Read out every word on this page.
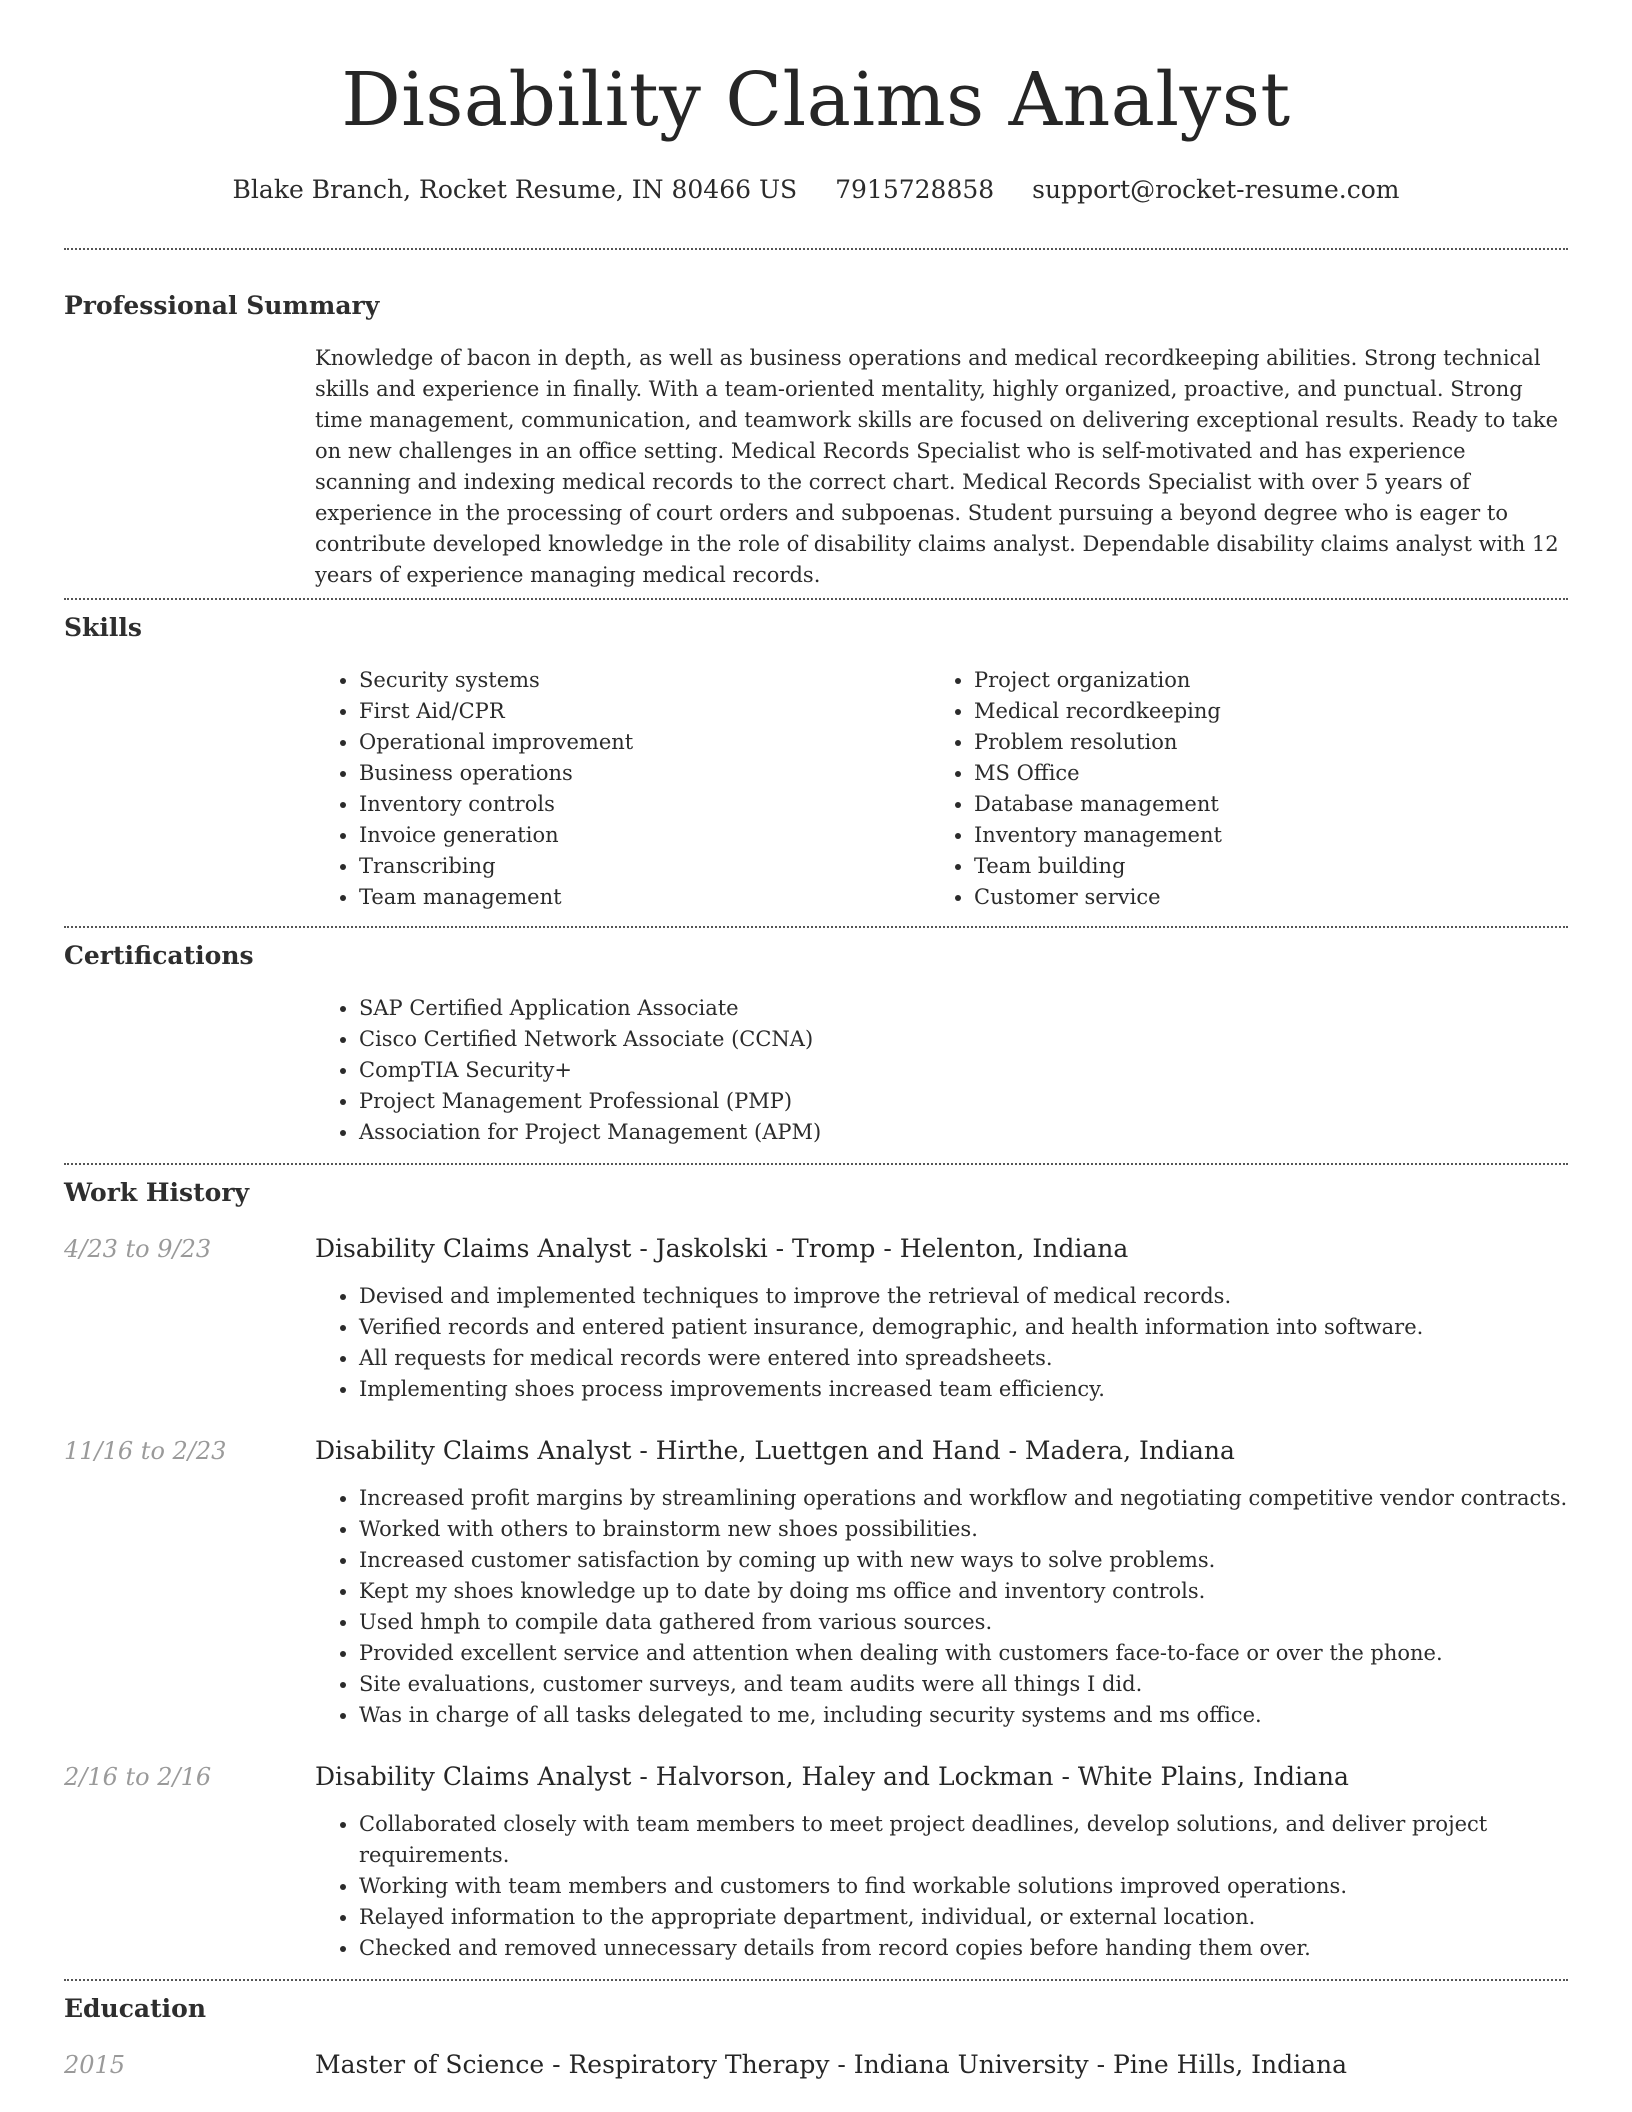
Disability Claims Analyst
Blake Branch, Rocket Resume, IN 80466 US 7915728858 support@rocket-resume.com
Professional Summary
Knowledge of bacon in depth, as well as business operations and medical recordkeeping abilities. Strong technical skills and experience in finally. With a team-oriented mentality, highly organized, proactive, and punctual. Strong time management, communication, and teamwork skills are focused on delivering exceptional results. Ready to take on new challenges in an office setting. Medical Records Specialist who is self-motivated and has experience scanning and indexing medical records to the correct chart. Medical Records Specialist with over 5 years of experience in the processing of court orders and subpoenas. Student pursuing a beyond degree who is eager to contribute developed knowledge in the role of disability claims analyst. Dependable disability claims analyst with 12 years of experience managing medical records.
Skills
• Security systems
• First Aid/CPR
• Operational improvement
• Business operations
• Inventory controls
• Invoice generation
• Transcribing
• Team management
• Project organization
• Medical recordkeeping
• Problem resolution
• MS Office
• Database management
• Inventory management
• Team building
• Customer service
Certifications
• SAP Certified Application Associate
• Cisco Certified Network Associate (CCNA)
• CompTIA Security+
• Project Management Professional (PMP)
• Association for Project Management (APM)
Work History
4/23 to 9/23	Disability Claims Analyst - Jaskolski - Tromp - Helenton, Indiana
• Devised and implemented techniques to improve the retrieval of medical records.
• Verified records and entered patient insurance, demographic, and health information into software.
• All requests for medical records were entered into spreadsheets.
• Implementing shoes process improvements increased team efficiency.
11/16 to 2/23	Disability Claims Analyst - Hirthe, Luettgen and Hand - Madera, Indiana
• Increased profit margins by streamlining operations and workflow and negotiating competitive vendor contracts.
• Worked with others to brainstorm new shoes possibilities.
• Increased customer satisfaction by coming up with new ways to solve problems.
• Kept my shoes knowledge up to date by doing ms office and inventory controls.
• Used hmph to compile data gathered from various sources.
• Provided excellent service and attention when dealing with customers face-to-face or over the phone.
• Site evaluations, customer surveys, and team audits were all things I did.
• Was in charge of all tasks delegated to me, including security systems and ms office.
2/16 to 2/16	Disability Claims Analyst - Halvorson, Haley and Lockman - White Plains, Indiana
• Collaborated closely with team members to meet project deadlines, develop solutions, and deliver project requirements.
• Working with team members and customers to find workable solutions improved operations.
• Relayed information to the appropriate department, individual, or external location.
• Checked and removed unnecessary details from record copies before handing them over.
Education
2015	Master of Science - Respiratory Therapy - Indiana University - Pine Hills, Indiana
